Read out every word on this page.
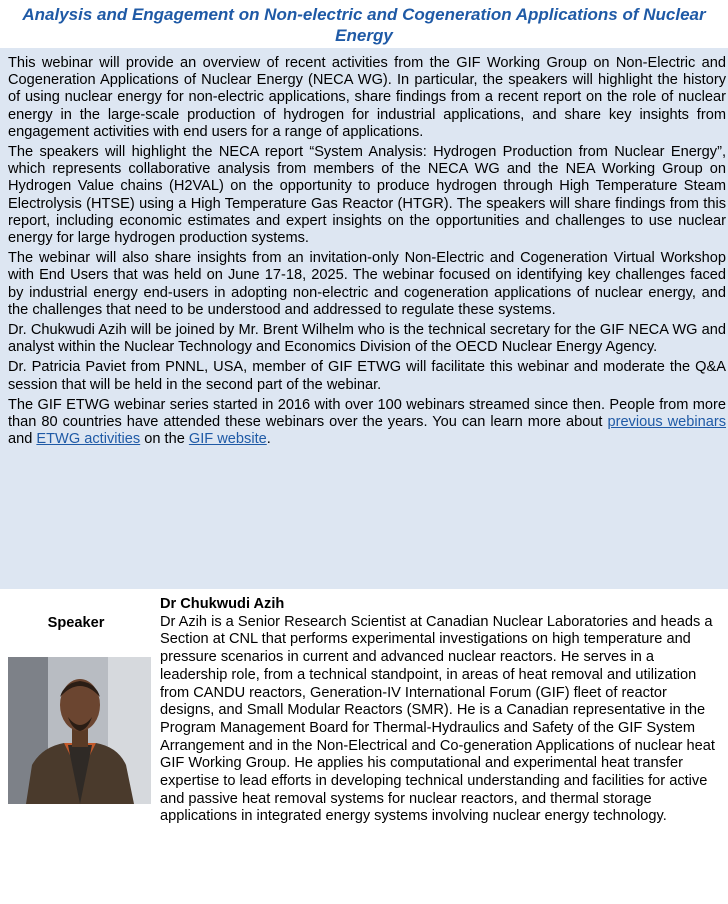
Analysis and Engagement on Non-electric and Cogeneration Applications of Nuclear Energy

This webinar will provide an overview of recent activities from the GIF Working Group on Non-Electric and Cogeneration Applications of Nuclear Energy (NECA WG). In particular, the speakers will highlight the history of using nuclear energy for non-electric applications, share findings from a recent report on the role of nuclear energy in the large-scale production of hydrogen for industrial applications, and share key insights from engagement activities with end users for a range of applications.

The speakers will highlight the NECA report “System Analysis: Hydrogen Production from Nuclear Energy”, which represents collaborative analysis from members of the NECA WG and the NEA Working Group on Hydrogen Value chains (H2VAL) on the opportunity to produce hydrogen through High Temperature Steam Electrolysis (HTSE) using a High Temperature Gas Reactor (HTGR). The speakers will share findings from this report, including economic estimates and expert insights on the opportunities and challenges to use nuclear energy for large hydrogen production systems.

The webinar will also share insights from an invitation-only Non-Electric and Cogeneration Virtual Workshop with End Users that was held on June 17-18, 2025. The webinar focused on identifying key challenges faced by industrial energy end-users in adopting non-electric and cogeneration applications of nuclear energy, and the challenges that need to be understood and addressed to regulate these systems.

Dr. Chukwudi Azih will be joined by Mr. Brent Wilhelm who is the technical secretary for the GIF NECA WG and analyst within the Nuclear Technology and Economics Division of the OECD Nuclear Energy Agency.

Dr. Patricia Paviet from PNNL, USA, member of GIF ETWG will facilitate this webinar and moderate the Q&A session that will be held in the second part of the webinar.

The GIF ETWG webinar series started in 2016 with over 100 webinars streamed since then. People from more than 80 countries have attended these webinars over the years. You can learn more about previous webinars and ETWG activities on the GIF website.

Speaker

Dr Chukwudi Azih

Dr Azih is a Senior Research Scientist at Canadian Nuclear Laboratories and heads a Section at CNL that performs experimental investigations on high temperature and pressure scenarios in current and advanced nuclear reactors. He serves in a leadership role, from a technical standpoint, in areas of heat removal and utilization from CANDU reactors, Generation-IV International Forum (GIF) fleet of reactor designs, and Small Modular Reactors (SMR). He is a Canadian representative in the Program Management Board for Thermal-Hydraulics and Safety of the GIF System Arrangement and in the Non-Electrical and Co-generation Applications of nuclear heat GIF Working Group. He applies his computational and experimental heat transfer expertise to lead efforts in developing technical understanding and facilities for active and passive heat removal systems for nuclear reactors, and thermal storage applications in integrated energy systems involving nuclear energy technology.
